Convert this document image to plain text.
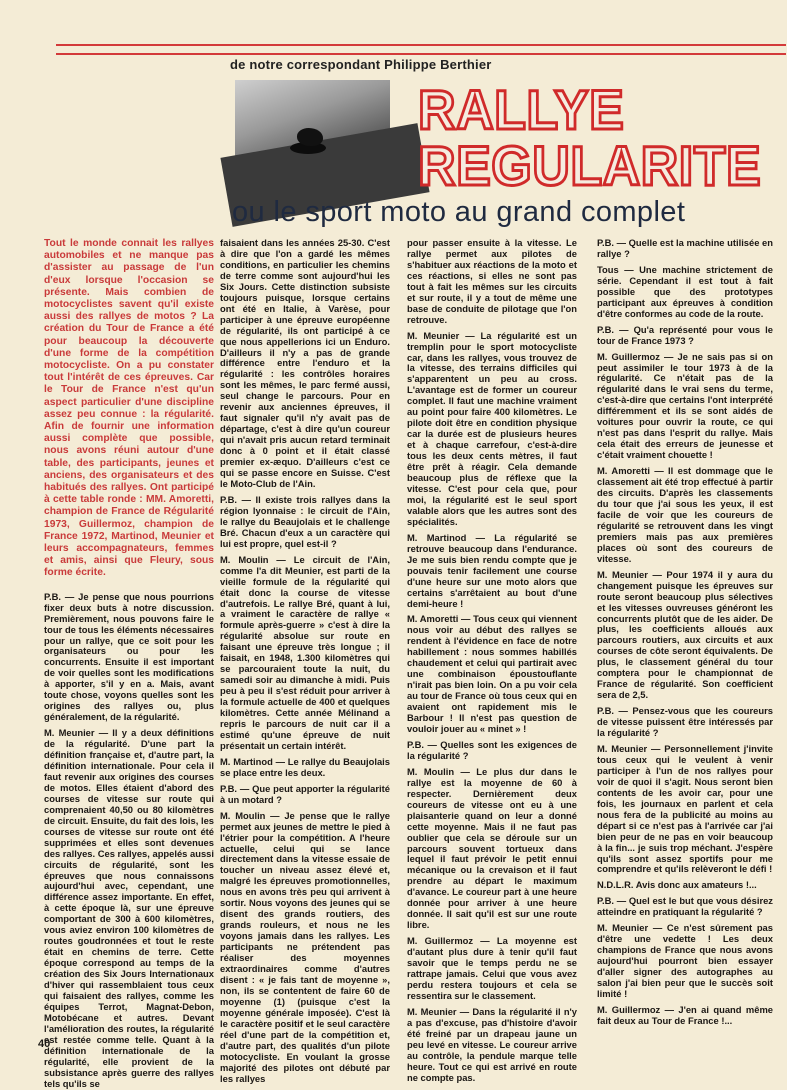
de notre correspondant Philippe Berthier
RALLYE
REGULARITE
ou le sport moto au grand complet

Tout le monde connait les rallyes automobiles et ne manque pas d'assister au passage de l'un d'eux lorsque l'occasion se présente. Mais combien de motocyclistes savent qu'il existe aussi des rallyes de motos ? La création du Tour de France a été pour beaucoup la découverte d'une forme de la compétition motocycliste. On a pu constater tout l'intérêt de ces épreuves. Car le Tour de France n'est qu'un aspect particulier d'une discipline assez peu connue : la régularité. Afin de fournir une information aussi complète que possible, nous avons réuni autour d'une table, des participants, jeunes et anciens, des organisateurs et des habitués des rallyes. Ont participé à cette table ronde : MM. Amoretti, champion de France de Régularité 1973, Guillermoz, champion de France 1972, Martinod, Meunier et leurs accompagnateurs, femmes et amis, ainsi que Fleury, sous forme écrite.

P.B. — Je pense que nous pourrions fixer deux buts à notre discussion. Premièrement, nous pouvons faire le tour de tous les éléments nécessaires pour un rallye, que ce soit pour les organisateurs ou pour les concurrents. Ensuite il est important de voir quelles sont les modifications à apporter, s'il y en a. Mais, avant toute chose, voyons quelles sont les origines des rallyes ou, plus généralement, de la régularité.

M. Meunier — Il y a deux définitions de la régularité. D'une part la définition française et, d'autre part, la définition internationale. Pour cela il faut revenir aux origines des courses de motos. Elles étaient d'abord des courses de vitesse sur route qui comprenaient 40,50 ou 80 kilomètres de circuit. Ensuite, du fait des lois, les courses de vitesse sur route ont été supprimées et elles sont devenues des rallyes. Ces rallyes, appelés aussi circuits de régularité, sont les épreuves que nous connaissons aujourd'hui avec, cependant, une différence assez importante. En effet, à cette époque là, sur une épreuve comportant de 300 à 600 kilomètres, vous aviez environ 100 kilomètres de routes goudronnées et tout le reste était en chemins de terre. Cette époque correspond au temps de la création des Six Jours Internationaux d'hiver qui rassemblaient tous ceux qui faisaient des rallyes, comme les équipes Terrot, Magnat-Debon, Motobécane et autres. Devant l'amélioration des routes, la régularité est restée comme telle. Quant à la définition internationale de la régularité, elle provient de la subsistance après guerre des rallyes tels qu'ils se

faisaient dans les années 25-30. C'est à dire que l'on a gardé les mêmes conditions, en particulier les chemins de terre comme sont aujourd'hui les Six Jours. Cette distinction subsiste toujours puisque, lorsque certains ont été en Italie, à Varèse, pour participer à une épreuve européenne de régularité, ils ont participé à ce que nous appellerions ici un Enduro. D'ailleurs il n'y a pas de grande différence entre l'enduro et la régularité : les contrôles horaires sont les mêmes, le parc fermé aussi, seul change le parcours. Pour en revenir aux anciennes épreuves, il faut signaler qu'il n'y avait pas de départage, c'est à dire qu'un coureur qui n'avait pris aucun retard terminait donc à 0 point et il était classé premier ex-æquo. D'ailleurs c'est ce qui se passe encore en Suisse. C'est le Moto-Club de l'Ain.

P.B. — Il existe trois rallyes dans la région lyonnaise : le circuit de l'Ain, le rallye du Beaujolais et le challenge Bré. Chacun d'eux a un caractère qui lui est propre, quel est-il ?

M. Moulin — Le circuit de l'Ain, comme l'a dit Meunier, est parti de la vieille formule de la régularité qui était donc la course de vitesse d'autrefois. Le rallye Bré, quant à lui, a vraiment le caractère de rallye « formule après-guerre » c'est à dire la régularité absolue sur route en faisant une épreuve très longue ; il faisait, en 1948, 1.300 kilomètres qui se parcouraient toute la nuit, du samedi soir au dimanche à midi. Puis peu à peu il s'est réduit pour arriver à la formule actuelle de 400 et quelques kilomètres. Cette année Mélinand a repris le parcours de nuit car il a estimé qu'une épreuve de nuit présentait un certain intérêt.

M. Martinod — Le rallye du Beaujolais se place entre les deux.

P.B. — Que peut apporter la régularité à un motard ?

M. Moulin — Je pense que le rallye permet aux jeunes de mettre le pied à l'étrier pour la compétition. A l'heure actuelle, celui qui se lance directement dans la vitesse essaie de toucher un niveau assez élevé et, malgré les épreuves promotionnelles, nous en avons très peu qui arrivent à sortir. Nous voyons des jeunes qui se disent des grands routiers, des grands rouleurs, et nous ne les voyons jamais dans les rallyes. Les participants ne prétendent pas réaliser des moyennes extraordinaires comme d'autres disent : « je fais tant de moyenne », non, ils se contentent de faire 60 de moyenne (1) (puisque c'est la moyenne générale imposée). C'est là le caractère positif et le seul caractère réel d'une part de la compétition et, d'autre part, des qualités d'un pilote motocycliste. En voulant la grosse majorité des pilotes ont débuté par les rallyes

pour passer ensuite à la vitesse. Le rallye permet aux pilotes de s'habituer aux réactions de la moto et ces réactions, si elles ne sont pas tout à fait les mêmes sur les circuits et sur route, il y a tout de même une base de conduite de pilotage que l'on retrouve.

M. Meunier — La régularité est un tremplin pour le sport motocycliste car, dans les rallyes, vous trouvez de la vitesse, des terrains difficiles qui s'apparentent un peu au cross. L'avantage est de former un coureur complet. Il faut une machine vraiment au point pour faire 400 kilomètres. Le pilote doit être en condition physique car la durée est de plusieurs heures et à chaque carrefour, c'est-à-dire tous les deux cents mètres, il faut être prêt à réagir. Cela demande beaucoup plus de réflexe que la vitesse. C'est pour cela que, pour moi, la régularité est le seul sport valable alors que les autres sont des spécialités.

M. Martinod — La régularité se retrouve beaucoup dans l'endurance. Je me suis bien rendu compte que je pouvais tenir facilement une course d'une heure sur une moto alors que certains s'arrêtaient au bout d'une demi-heure !

M. Amoretti — Tous ceux qui viennent nous voir au début des rallyes se rendent à l'évidence en face de notre habillement : nous sommes habillés chaudement et celui qui partirait avec une combinaison époustouflante n'irait pas bien loin. On a pu voir cela au tour de France où tous ceux qui en avaient ont rapidement mis le Barbour ! Il n'est pas question de vouloir jouer au « minet » !

P.B. — Quelles sont les exigences de la régularité ?

M. Moulin — Le plus dur dans le rallye est la moyenne de 60 à respecter. Dernièrement deux coureurs de vitesse ont eu à une plaisanterie quand on leur a donné cette moyenne. Mais il ne faut pas oublier que cela se déroule sur un parcours souvent tortueux dans lequel il faut prévoir le petit ennui mécanique ou la crevaison et il faut prendre au départ le maximum d'avance. Le coureur part à une heure donnée pour arriver à une heure donnée. Il sait qu'il est sur une route libre.

M. Guillermoz — La moyenne est d'autant plus dure à tenir qu'il faut savoir que le temps perdu ne se rattrape jamais. Celui que vous avez perdu restera toujours et cela se ressentira sur le classement.

M. Meunier — Dans la régularité il n'y a pas d'excuse, pas d'histoire d'avoir été freiné par un drapeau jaune un peu levé en vitesse. Le coureur arrive au contrôle, la pendule marque telle heure. Tout ce qui est arrivé en route ne compte pas.

P.B. — Quelle est la machine utilisée en rallye ?

Tous — Une machine strictement de série. Cependant il est tout à fait possible que des prototypes participant aux épreuves à condition d'être conformes au code de la route.

P.B. — Qu'a représenté pour vous le tour de France 1973 ?

M. Guillermoz — Je ne sais pas si on peut assimiler le tour 1973 à de la régularité. Ce n'était pas de la régularité dans le vrai sens du terme, c'est-à-dire que certains l'ont interprété différemment et ils se sont aidés de voitures pour ouvrir la route, ce qui n'est pas dans l'esprit du rallye. Mais cela était des erreurs de jeunesse et c'était vraiment chouette !

M. Amoretti — Il est dommage que le classement ait été trop effectué à partir des circuits. D'après les classements du tour que j'ai sous les yeux, il est facile de voir que les coureurs de régularité se retrouvent dans les vingt premiers mais pas aux premières places où sont des coureurs de vitesse.

M. Meunier — Pour 1974 il y aura du changement puisque les épreuves sur route seront beaucoup plus sélectives et les vitesses ouvreuses généront les concurrents plutôt que de les aider. De plus, les coefficients alloués aux parcours routiers, aux circuits et aux courses de côte seront équivalents. De plus, le classement général du tour comptera pour le championnat de France de régularité. Son coefficient sera de 2,5.

P.B. — Pensez-vous que les coureurs de vitesse puissent être intéressés par la régularité ?

M. Meunier — Personnellement j'invite tous ceux qui le veulent à venir participer à l'un de nos rallyes pour voir de quoi il s'agit. Nous seront bien contents de les avoir car, pour une fois, les journaux en parlent et cela nous fera de la publicité au moins au départ si ce n'est pas à l'arrivée car j'ai bien peur de ne pas en voir beaucoup à la fin... je suis trop méchant. J'espère qu'ils sont assez sportifs pour me comprendre et qu'ils relèveront le défi !

N.D.L.R. Avis donc aux amateurs !...

P.B. — Quel est le but que vous désirez atteindre en pratiquant la régularité ?

M. Meunier — Ce n'est sûrement pas d'être une vedette ! Les deux champions de France que nous avons aujourd'hui pourront bien essayer d'aller signer des autographes au salon j'ai bien peur que le succès soit limité !

M. Guillermoz — J'en ai quand même fait deux au Tour de France !...

40
